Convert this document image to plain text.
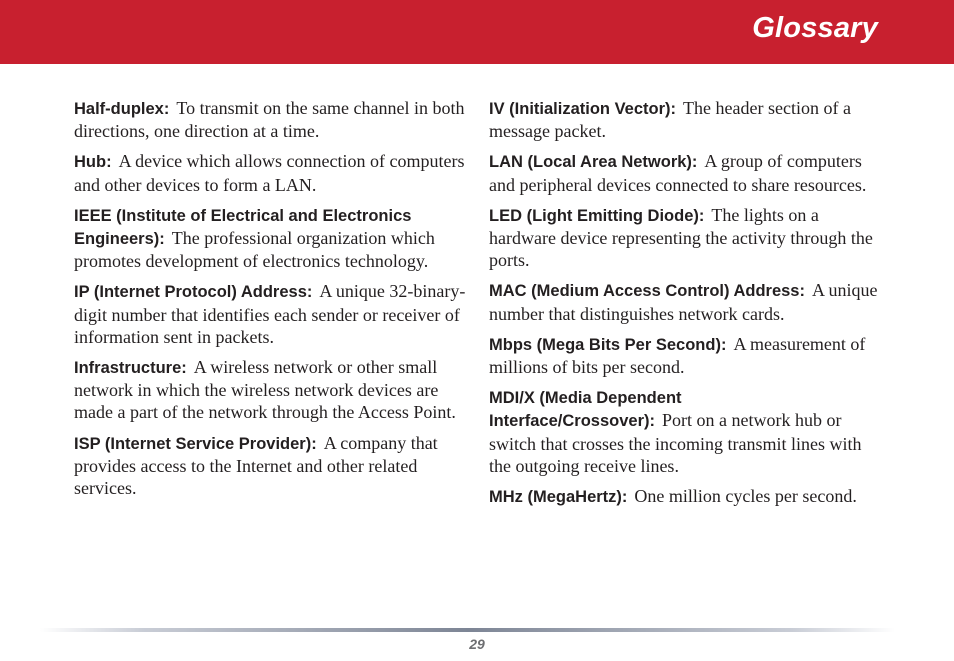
Glossary

Half-duplex: To transmit on the same channel in both directions, one direction at a time.

Hub: A device which allows connection of computers and other devices to form a LAN.

IEEE (Institute of Electrical and Electronics Engineers): The professional organization which promotes development of electronics technology.

IP (Internet Protocol) Address: A unique 32-binary-digit number that identifies each sender or receiver of information sent in packets.

Infrastructure: A wireless network or other small network in which the wireless network devices are made a part of the network through the Access Point.

ISP (Internet Service Provider): A company that provides access to the Internet and other related services.

IV (Initialization Vector): The header section of a message packet.

LAN (Local Area Network): A group of computers and peripheral devices connected to share resources.

LED (Light Emitting Diode): The lights on a hardware device representing the activity through the ports.

MAC (Medium Access Control) Address: A unique number that distinguishes network cards.

Mbps (Mega Bits Per Second): A measurement of millions of bits per second.

MDI/X (Media Dependent Interface/Crossover): Port on a network hub or switch that crosses the incoming transmit lines with the outgoing receive lines.

MHz (MegaHertz): One million cycles per second.

29
